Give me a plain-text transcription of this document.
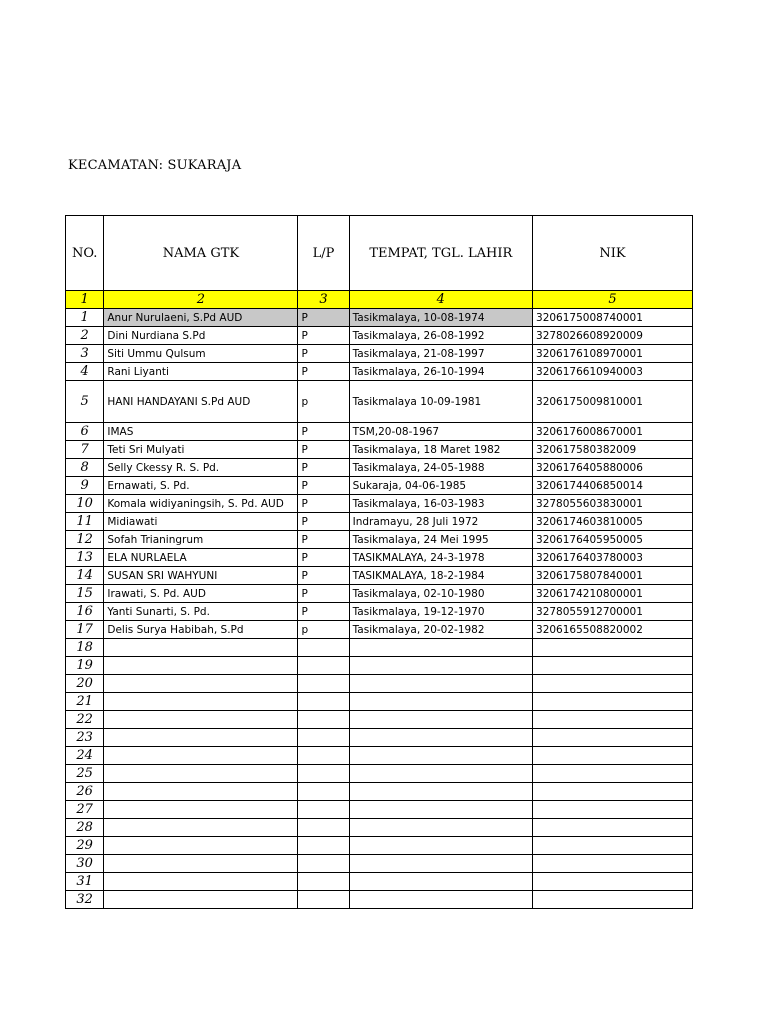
KECAMATAN: SUKARAJA
NO.	NAMA GTK	L/P	TEMPAT, TGL. LAHIR	NIK
1	2	3	4	5
1	Anur Nurulaeni, S.Pd AUD	P	Tasikmalaya, 10-08-1974	3206175008740001
2	Dini Nurdiana S.Pd	P	Tasikmalaya, 26-08-1992	3278026608920009
3	Siti Ummu Qulsum	P	Tasikmalaya, 21-08-1997	3206176108970001
4	Rani Liyanti	P	Tasikmalaya, 26-10-1994	3206176610940003
5	HANI HANDAYANI S.Pd AUD	p	Tasikmalaya 10-09-1981	3206175009810001
6	IMAS	P	TSM,20-08-1967	3206176008670001
7	Teti Sri Mulyati	P	Tasikmalaya, 18 Maret 1982	320617580382009
8	Selly Ckessy R. S. Pd.	P	Tasikmalaya, 24-05-1988	3206176405880006
9	Ernawati, S. Pd.	P	Sukaraja, 04-06-1985	3206174406850014
10	Komala widiyaningsih, S. Pd. AUD	P	Tasikmalaya, 16-03-1983	3278055603830001
11	Midiawati	P	Indramayu, 28 Juli 1972	3206174603810005
12	Sofah Trianingrum	P	Tasikmalaya, 24 Mei 1995	3206176405950005
13	ELA NURLAELA	P	TASIKMALAYA, 24-3-1978	3206176403780003
14	SUSAN SRI WAHYUNI	P	TASIKMALAYA, 18-2-1984	3206175807840001
15	Irawati, S. Pd. AUD	P	Tasikmalaya, 02-10-1980	3206174210800001
16	Yanti Sunarti, S. Pd.	P	Tasikmalaya, 19-12-1970	3278055912700001
17	Delis Surya Habibah, S.Pd	p	Tasikmalaya, 20-02-1982	3206165508820002
18				
19				
20				
21				
22				
23				
24				
25				
26				
27				
28				
29				
30				
31				
32				
